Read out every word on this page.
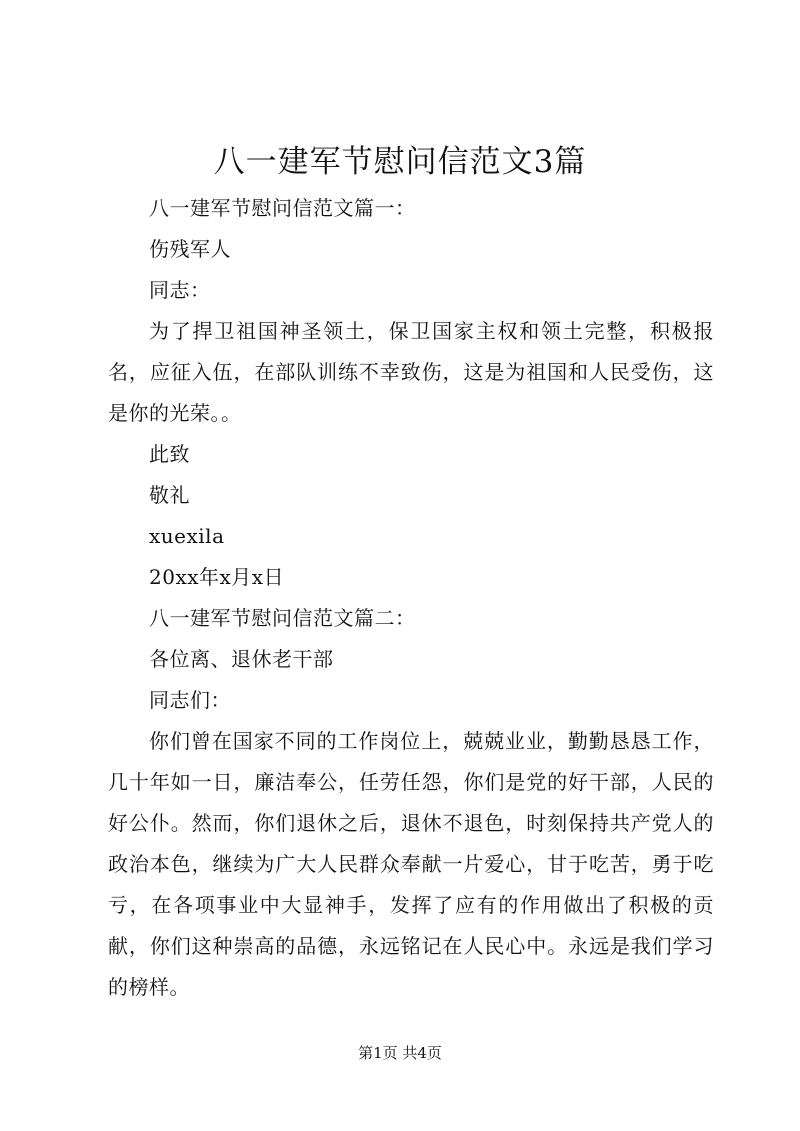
八一建军节慰问信范文3篇

八一建军节慰问信范文篇一：

伤残军人

同志：

为了捍卫祖国神圣领土，保卫国家主权和领土完整，积极报名，应征入伍，在部队训练不幸致伤，这是为祖国和人民受伤，这是你的光荣。。

此致

敬礼

xuexila

20xx年x月x日

八一建军节慰问信范文篇二：

各位离、退休老干部

同志们：

你们曾在国家不同的工作岗位上，兢兢业业，勤勤恳恳工作，几十年如一日，廉洁奉公，任劳任怨，你们是党的好干部，人民的好公仆。然而，你们退休之后，退休不退色，时刻保持共产党人的政治本色，继续为广大人民群众奉献一片爱心，甘于吃苦，勇于吃亏，在各项事业中大显神手，发挥了应有的作用做出了积极的贡献，你们这种崇高的品德，永远铭记在人民心中。永远是我们学习的榜样。

第1页 共4页
